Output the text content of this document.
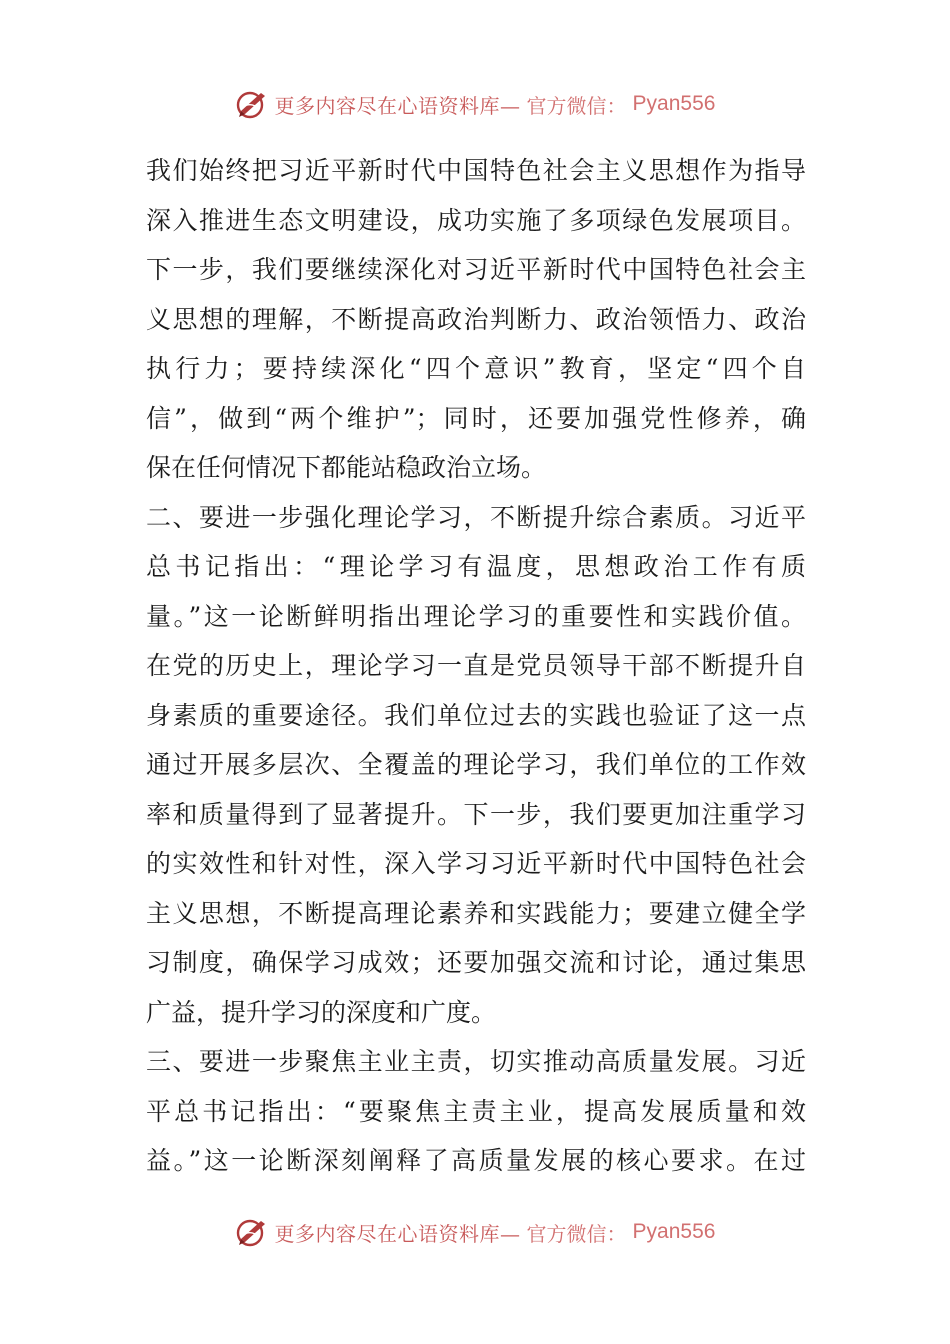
更多内容尽在心语资料库— 官方微信： Pyan556
我们始终把习近平新时代中国特色社会主义思想作为指导
深入推进生态文明建设，成功实施了多项绿色发展项目。
下一步，我们要继续深化对习近平新时代中国特色社会主
义思想的理解，不断提高政治判断力、政治领悟力、政治
执行力；要持续深化“四个意识”教育，坚定“四个自
信”，做到“两个维护”；同时，还要加强党性修养，确
保在任何情况下都能站稳政治立场。
二、要进一步强化理论学习，不断提升综合素质。习近平
总书记指出：“理论学习有温度，思想政治工作有质
量。”这一论断鲜明指出理论学习的重要性和实践价值。
在党的历史上，理论学习一直是党员领导干部不断提升自
身素质的重要途径。我们单位过去的实践也验证了这一点
通过开展多层次、全覆盖的理论学习，我们单位的工作效
率和质量得到了显著提升。下一步，我们要更加注重学习
的实效性和针对性，深入学习习近平新时代中国特色社会
主义思想，不断提高理论素养和实践能力；要建立健全学
习制度，确保学习成效；还要加强交流和讨论，通过集思
广益，提升学习的深度和广度。
三、要进一步聚焦主业主责，切实推动高质量发展。习近
平总书记指出：“要聚焦主责主业，提高发展质量和效
益。”这一论断深刻阐释了高质量发展的核心要求。在过
更多内容尽在心语资料库— 官方微信： Pyan556
